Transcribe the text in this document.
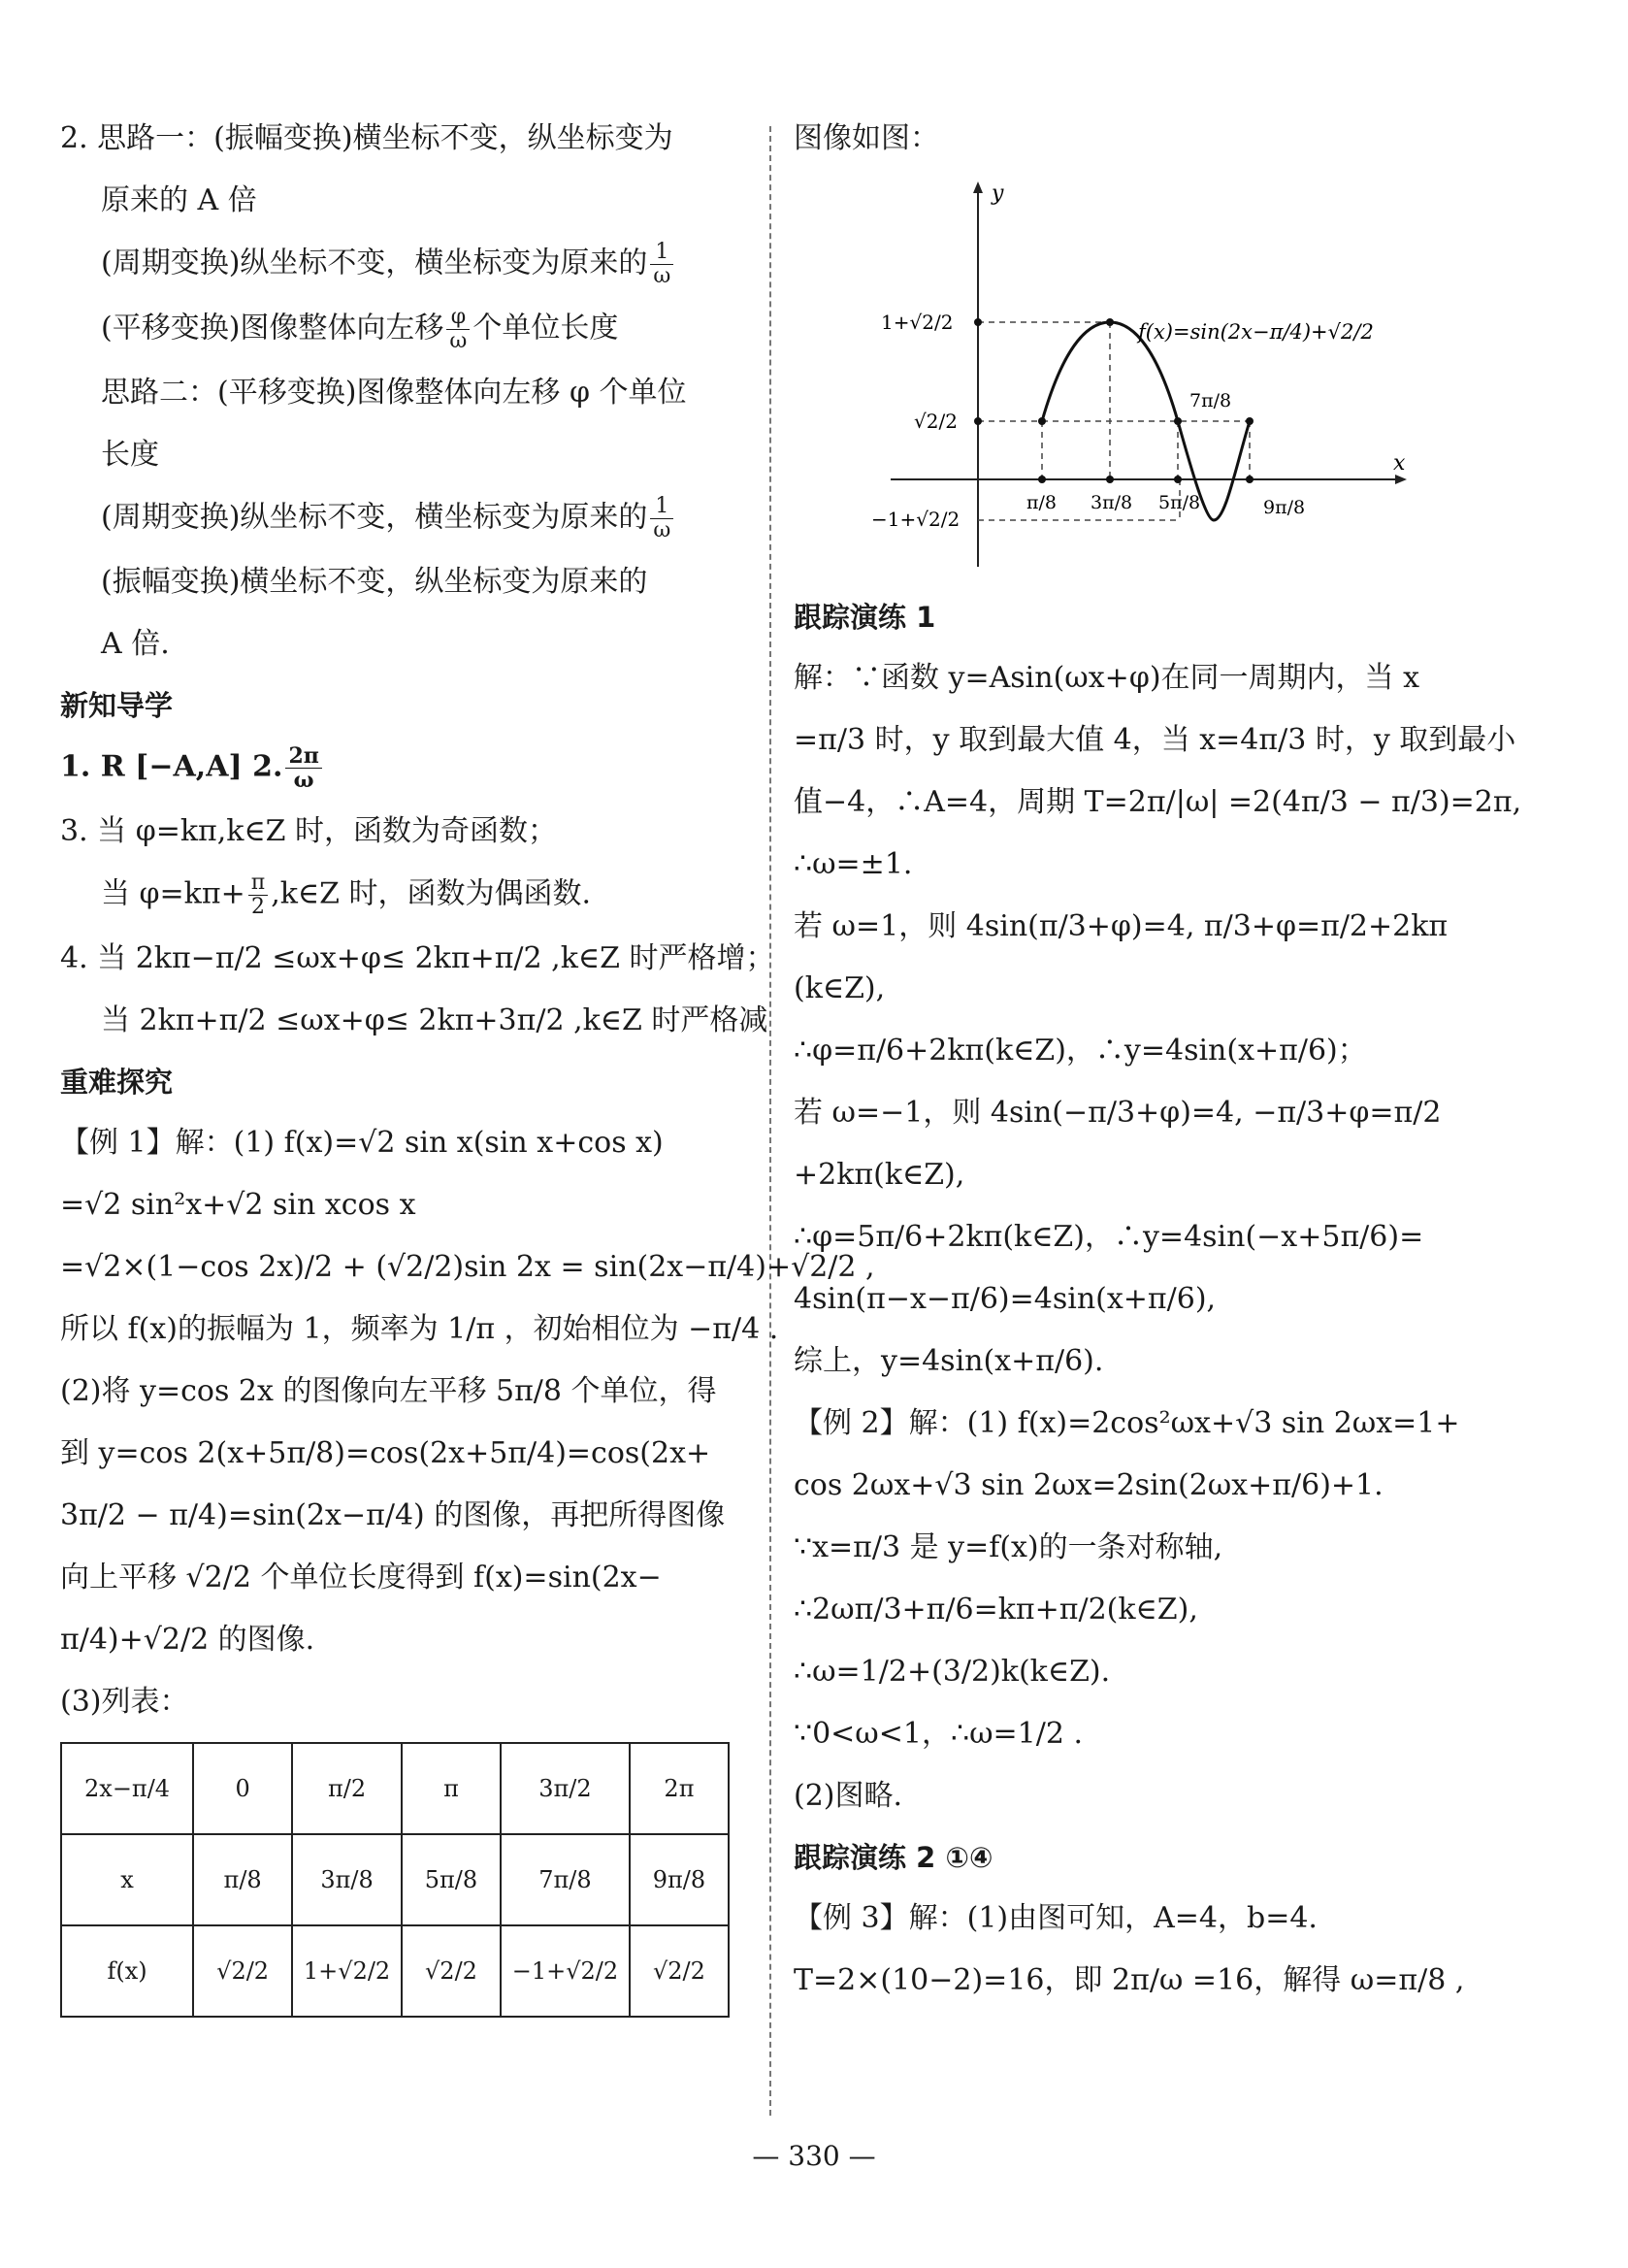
2. 思路一：(振幅变换)横坐标不变，纵坐标变为
原来的 A 倍
(周期变换)纵坐标不变，横坐标变为原来的 $\frac{1}{\omega}$
(平移变换)图像整体向左移 $\frac{\varphi}{\omega}$ 个单位长度
思路二：(平移变换)图像整体向左移 φ 个单位
长度
(周期变换)纵坐标不变，横坐标变为原来的 $\frac{1}{\omega}$
(振幅变换)横坐标不变，纵坐标变为原来的
A 倍.
新知导学
1. R [−A,A] 2. $\frac{2\pi}{\omega}$
3. 当 φ=kπ,k∈Z 时，函数为奇函数；
当 $\varphi=k\pi+ \frac{\pi}{2}$ ,k∈Z 时，函数为偶函数.
4. 当 2kπ−π/2 ≤ωx+φ≤ 2kπ+π/2 ,k∈Z 时严格增；
当 2kπ+π/2 ≤ωx+φ≤ 2kπ+3π/2 ,k∈Z 时严格减
重难探究
【例 1】解：(1) f(x)=√2 sin x(sin x+cos x)
=√2 sin²x+√2 sin xcos x
=√2×(1−cos 2x)/2 + (√2/2)sin 2x = sin(2x−π/4)+√2/2 ,
所以 f(x)的振幅为 1，频率为 1/π ，初始相位为 −π/4 .
(2)将 y=cos 2x 的图像向左平移 5π/8 个单位，得
到 y=cos 2(x+5π/8)=cos(2x+5π/4)=cos(2x+
3π/2 − π/4)=sin(2x−π/4) 的图像，再把所得图像
向上平移 √2/2 个单位长度得到 f(x)=sin(2x−
π/4)+√2/2 的图像.
(3)列表：
2x−π/4	0	π/2	π	3π/2	2π
x	π/8	3π/8	5π/8	7π/8	9π/8
f(x)	√2/2	1+√2/2	√2/2	−1+√2/2	√2/2
图像如图：
y
x
f(x)=sin(2x−π/4)+√2/2
1+√2/2
√2/2
−1+√2/2
π/8 3π/8 5π/8
7π/8
9π/8
跟踪演练 1
解：∵函数 y=Asin(ωx+φ)在同一周期内，当 x
=π/3 时，y 取到最大值 4，当 x=4π/3 时，y 取到最小
值−4，∴A=4，周期 T=2π/|ω| =2(4π/3 − π/3)=2π,
∴ω=±1.
若 ω=1，则 4sin(π/3+φ)=4, π/3+φ=π/2+2kπ
(k∈Z),
∴φ=π/6+2kπ(k∈Z)，∴y=4sin(x+π/6)；
若 ω=−1，则 4sin(−π/3+φ)=4, −π/3+φ=π/2
+2kπ(k∈Z),
∴φ=5π/6+2kπ(k∈Z)，∴y=4sin(−x+5π/6)=
4sin(π−x−π/6)=4sin(x+π/6),
综上，y=4sin(x+π/6).
【例 2】解：(1) f(x)=2cos²ωx+√3 sin 2ωx=1+
cos 2ωx+√3 sin 2ωx=2sin(2ωx+π/6)+1.
∵x=π/3 是 y=f(x)的一条对称轴,
∴2ωπ/3+π/6=kπ+π/2(k∈Z),
∴ω=1/2+(3/2)k(k∈Z).
∵0<ω<1，∴ω=1/2 .
(2)图略.
跟踪演练 2 ①④
【例 3】解：(1)由图可知，A=4，b=4.
T=2×(10−2)=16，即 2π/ω =16，解得 ω=π/8 ,
— 330 —
